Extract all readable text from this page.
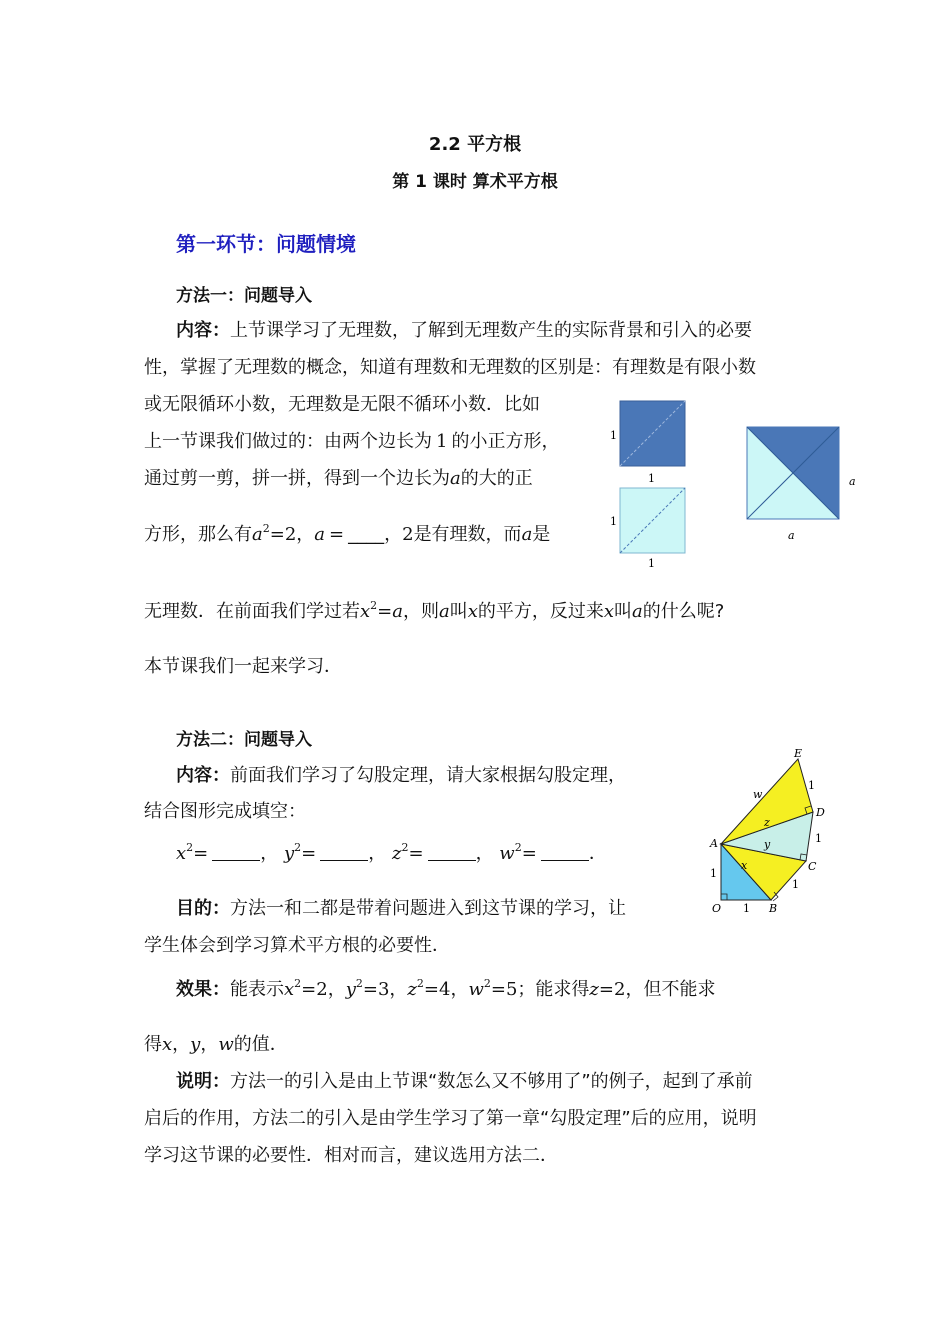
2.2 平方根
第 1 课时 算术平方根
第一环节：问题情境
方法一：问题导入
内容：上节课学习了无理数，了解到无理数产生的实际背景和引入的必要
性，掌握了无理数的概念，知道有理数和无理数的区别是：有理数是有限小数
或无限循环小数，无理数是无限不循环小数．比如
上一节课我们做过的：由两个边长为 1 的小正方形，
通过剪一剪，拼一拼，得到一个边长为a的大的正
方形，那么有$a^2=2$，a = ____，2是有理数，而a是
无理数．在前面我们学过若$x^2=a$，则a叫x的平方，反过来x叫a的什么呢?
本节课我们一起来学习．
1
1
1
1
a
a
方法二：问题导入
内容：前面我们学习了勾股定理，请大家根据勾股定理，
结合图形完成填空：
$x^2=$	， $y^2=$	， $z^2=$	， $w^2=$	．
目的：方法一和二都是带着问题进入到这节课的学习，让
学生体会到学习算术平方根的必要性．
效果：能表示$x^2=2$，$y^2=3$，$z^2=4$，$w^2=5$；能求得z=2，但不能求
得x，y，w的值．
说明：方法一的引入是由上节课“数怎么又不够用了”的例子，起到了承前
启后的作用，方法二的引入是由学生学习了第一章“勾股定理”后的应用，说明
学习这节课的必要性．相对而言，建议选用方法二．
E
D
C
A
O	B
1
1
1
1
1
w
z
y
x
